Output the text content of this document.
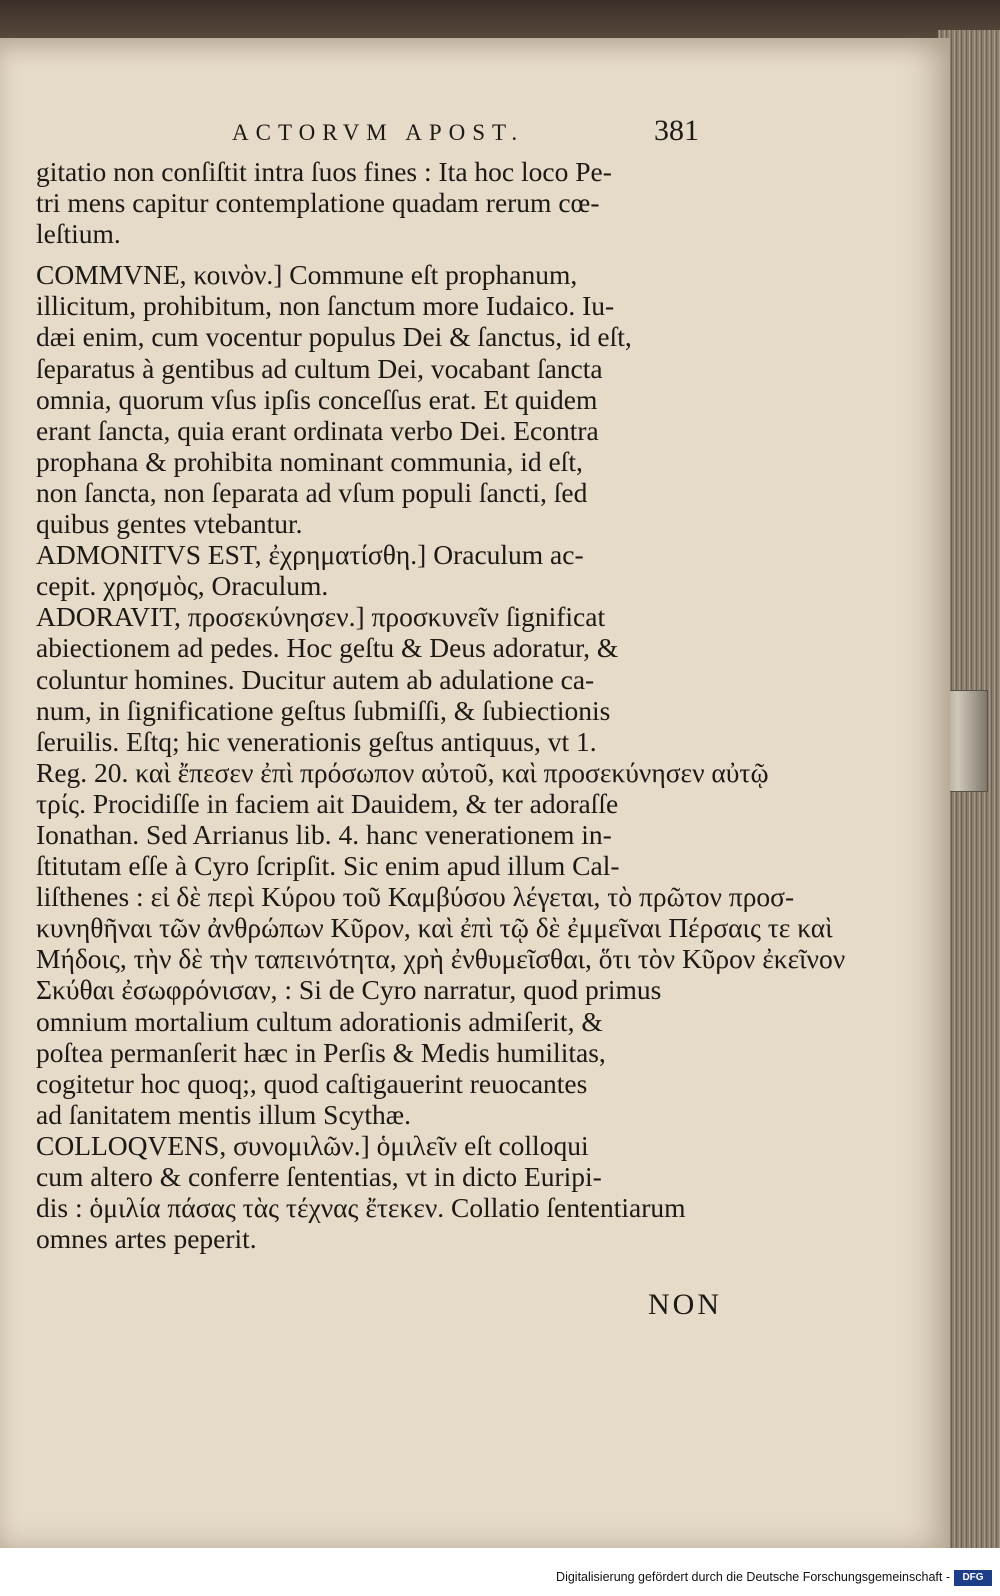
ACTORVM APOST.	381
gitatio non conſiſtit intra ſuos fines : Ita hoc loco Pe-
tri mens capitur contemplatione quadam rerum cœ-
leſtium.
COMMVNE, κοινὸν.] Commune eſt prophanum,
illicitum, prohibitum, non ſanctum more Iudaico. Iu-
dæi enim, cum vocentur populus Dei & ſanctus, id eſt,
ſeparatus à gentibus ad cultum Dei, vocabant ſancta
omnia, quorum vſus ipſis conceſſus erat. Et quidem
erant ſancta, quia erant ordinata verbo Dei. Econtra
prophana & prohibita nominant communia, id eſt,
non ſancta, non ſeparata ad vſum populi ſancti, ſed
quibus gentes vtebantur.
ADMONITVS EST, ἐχρηματίσθη.] Oraculum ac-
cepit. χρησμὸς, Oraculum.
ADORAVIT, προσεκύνησεν.] προσκυνεῖν ſignificat
abiectionem ad pedes. Hoc geſtu & Deus adoratur, &
coluntur homines. Ducitur autem ab adulatione ca-
num, in ſignificatione geſtus ſubmiſſi, & ſubiectionis
ſeruilis. Eſtq; hic venerationis geſtus antiquus, vt 1.
Reg. 20. καὶ ἔπεσεν ἐπὶ πρόσωπον αὐτοῦ, καὶ προσεκύνησεν αὐτῷ
τρίς. Procidiſſe in faciem ait Dauidem, & ter adoraſſe
Ionathan. Sed Arrianus lib. 4. hanc venerationem in-
ſtitutam eſſe à Cyro ſcripſit. Sic enim apud illum Cal-
liſthenes : εἰ δὲ περὶ Κύρου τοῦ Καμβύσου λέγεται, τὸ πρῶτον προσ-
κυνηθῆναι τῶν ἀνθρώπων Κῦρον, καὶ ἐπὶ τῷ δὲ ἐμμεῖναι Πέρσαις τε καὶ
Μήδοις, τὴν δὲ τὴν ταπεινότητα, χρὴ ἐνθυμεῖσθαι, ὅτι τὸν Κῦρον ἐκεῖνον
Σκύθαι ἐσωφρόνισαν, : Si de Cyro narratur, quod primus
omnium mortalium cultum adorationis admiſerit, &
poſtea permanſerit hæc in Perſis & Medis humilitas,
cogitetur hoc quoq;, quod caſtigauerint reuocantes
ad ſanitatem mentis illum Scythæ.
COLLOQVENS, συνομιλῶν.] ὁμιλεῖν eſt colloqui
cum altero & conferre ſententias, vt in dicto Euripi-
dis : ὁμιλία πάσας τὰς τέχνας ἔτεκεν. Collatio ſententiarum
omnes artes peperit.
NON
Digitalisierung gefördert durch die Deutsche Forschungsgemeinschaft -	DFG
